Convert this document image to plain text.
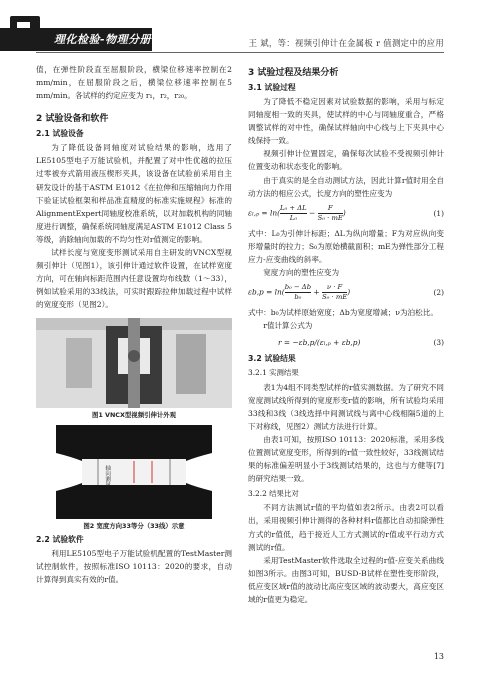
理化检验-物理分册	王 斌，等：视频引伸计在金属板 r 值测定中的应用

值，在弹性阶段直至屈服阶段，横梁位移速率控制在2 mm/min，在屈服阶段之后，横梁位移速率控制在5 mm/min。各试样的约定应变为 r₁，r₂，r₂₀。

2 试验设备和软件
2.1 试验设备

为了降低设备同轴度对试验结果的影响，选用了LE5105型电子万能试验机，并配置了对中性优越的拉压过零被夯式箭用液压楔形夹具，该设备在试验前采用自主研发设计的基于ASTM E1012《在拉伸和压缩轴向力作用下验证试验框架和样品准直精度的标准实施规程》标准的AlignmentExpert同轴度校准系统，以对加载机构的同轴度进行调整，确保系统同轴度满足ASTM E1012 Class 5等级，消除轴向加载的不均匀性对r值测定的影响。

试样长度与宽度变形测试采用自主研发的VNCX型视频引伸计（见图1），该引伸计通过软件设置，在试样宽度方向，可在轴向标距范围内任意设置均布线数（1～33），例如试验采用的33线法，可实时跟踪拉伸加载过程中试样的宽度变形（见图2）。

图1 VNCX型视频引伸计外观
轴向测量
图2 宽度方向33等分（33线）示意
2.2 试验软件

利用LE5105型电子万能试验机配置的TestMaster测试控制软件，按照标准ISO 10113：2020的要求，自动计算得到真实有效的r值。

3 试验过程及结果分析
3.1 试验过程

为了降低不稳定因素对试验数据的影响，采用与标定同轴度相一致的夹具，使试样的中心与同轴度重合，严格调整试样的对中性，确保试样轴向中心线与上下夹具中心线保持一致。

视频引伸计位置固定，确保每次试验不受视频引伸计位置变动和状态变化的影响。

由于真实的是全自动测试方法，因此计算r值时用全自动方法的相应公式，长度方向的塑性应变为

$\varepsilon_l,_p = \ln( \frac{\text{L₀ + ΔL}}{\text{L₀}} - \frac{F}{\text{S₀ · mE}}$ )	(1)

式中：L₀为引伸计标距；ΔL为纵向增量；F为对应纵向变形增量时的拉力；S₀为原始横截面积；mE为弹性部分工程应力-应变曲线的斜率。

宽度方向的塑性应变为

$\varepsilon b,p = \ln( \frac{\text{b₀ − Δb}}{\text{b₀}} + \frac{\nu \cdot F}{\text{S₀ · mE}}$ )	(2)

式中：b₀为试样原始宽度；Δb为宽度增减；ν为泊松比。

r值计算公式为

r = −εb,p/(εₗ,ₚ + εb,p)	(3)
3.2 试验结果
3.2.1 实测结果

表1为4组不同类型试样的r值实测数据。为了研究不同宽度测试线所得到的宽度形变r值的影响，所有试验均采用33线和3线（3线选择中间测试线与离中心线相隔5道的上下对称线，见图2）测试方法进行计算。

由表1可知，按照ISO 10113：2020标准，采用多线位置测试宽度变形，所得到的r值一致性较好，33线测试结果的标准偏差明显小于3线测试结果的，这也与方健等[7]的研究结果一致。

3.2.2 结果比对

不同方法测试r值的平均值如表2所示。由表2可以看出，采用视频引伸计测得的各种材料r值都比自动扣除弹性方式的r值低，趋于接近人工方式测试的r值或平行动方式测试的r值。

采用TestMaster软件选取全过程的r值-应变关系曲线如图3所示。由图3可知，BUSD-B试样在塑性变形阶段，低应变区域r值的波动比高应变区域的波动要大，高应变区域的r值更为稳定。

13
